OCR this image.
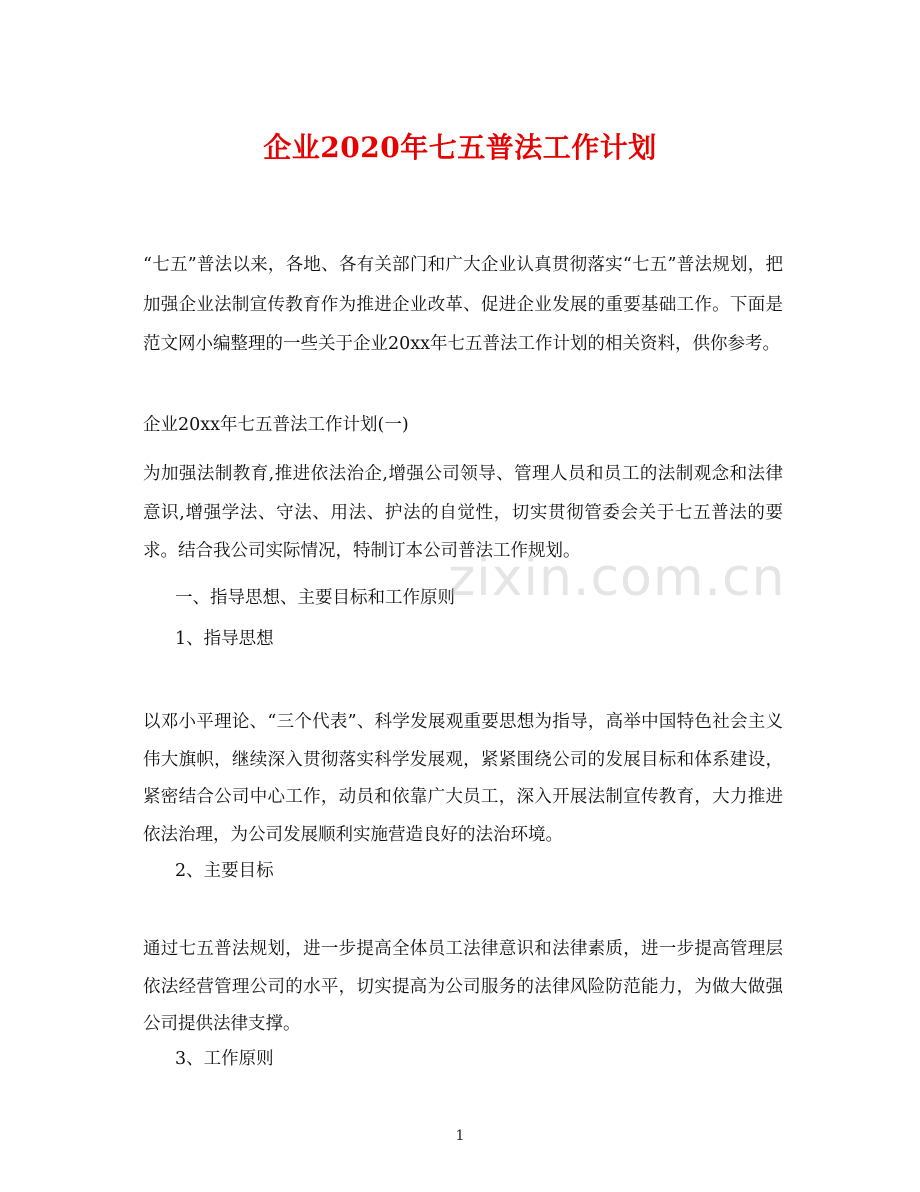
企业2020年七五普法工作计划

“七五”普法以来，各地、各有关部门和广大企业认真贯彻落实“七五”普法规划，把加强企业法制宣传教育作为推进企业改革、促进企业发展的重要基础工作。下面是范文网小编整理的一些关于企业20xx年七五普法工作计划的相关资料，供你参考。

企业20xx年七五普法工作计划(一)

为加强法制教育,推进依法治企,增强公司领导、管理人员和员工的法制观念和法律意识,增强学法、守法、用法、护法的自觉性，切实贯彻管委会关于七五普法的要求。结合我公司实际情况，特制订本公司普法工作规划。

一、指导思想、主要目标和工作原则

1、指导思想

以邓小平理论、“三个代表”、科学发展观重要思想为指导，高举中国特色社会主义伟大旗帜，继续深入贯彻落实科学发展观，紧紧围绕公司的发展目标和体系建设，紧密结合公司中心工作，动员和依靠广大员工，深入开展法制宣传教育，大力推进依法治理，为公司发展顺利实施营造良好的法治环境。

2、主要目标

通过七五普法规划，进一步提高全体员工法律意识和法律素质，进一步提高管理层依法经营管理公司的水平，切实提高为公司服务的法律风险防范能力，为做大做强公司提供法律支撑。

3、工作原则

zixin.com.cn
1
